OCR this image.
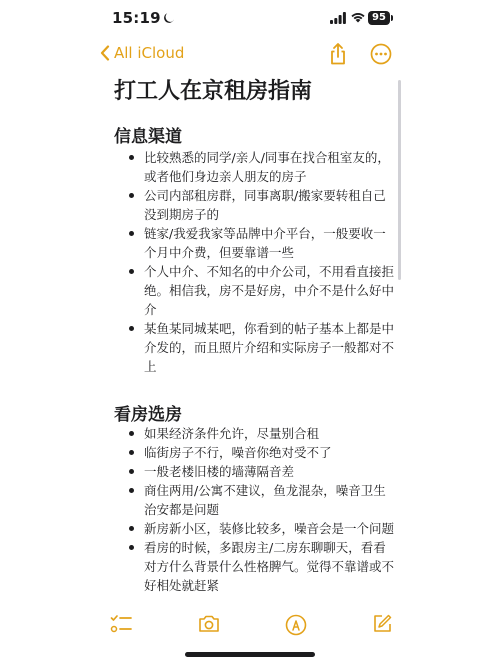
15:19	95
All iCloud
打工人在京租房指南
信息渠道
比较熟悉的同学/亲人/同事在找合租室友的，或者他们身边亲人朋友的房子
公司内部租房群，同事离职/搬家要转租自己没到期房子的
链家/我爱我家等品牌中介平台，一般要收一个月中介费，但要靠谱一些
个人中介、不知名的中介公司，不用看直接拒绝。相信我，房不是好房，中介不是什么好中介
某鱼某同城某吧，你看到的帖子基本上都是中介发的，而且照片介绍和实际房子一般都对不上
看房选房
如果经济条件允许，尽量别合租
临街房子不行，噪音你绝对受不了
一般老楼旧楼的墙薄隔音差
商住两用/公寓不建议，鱼龙混杂，噪音卫生治安都是问题
新房新小区，装修比较多，噪音会是一个问题
看房的时候，多跟房主/二房东聊聊天，看看对方什么背景什么性格脾气。觉得不靠谱或不好相处就赶紧
